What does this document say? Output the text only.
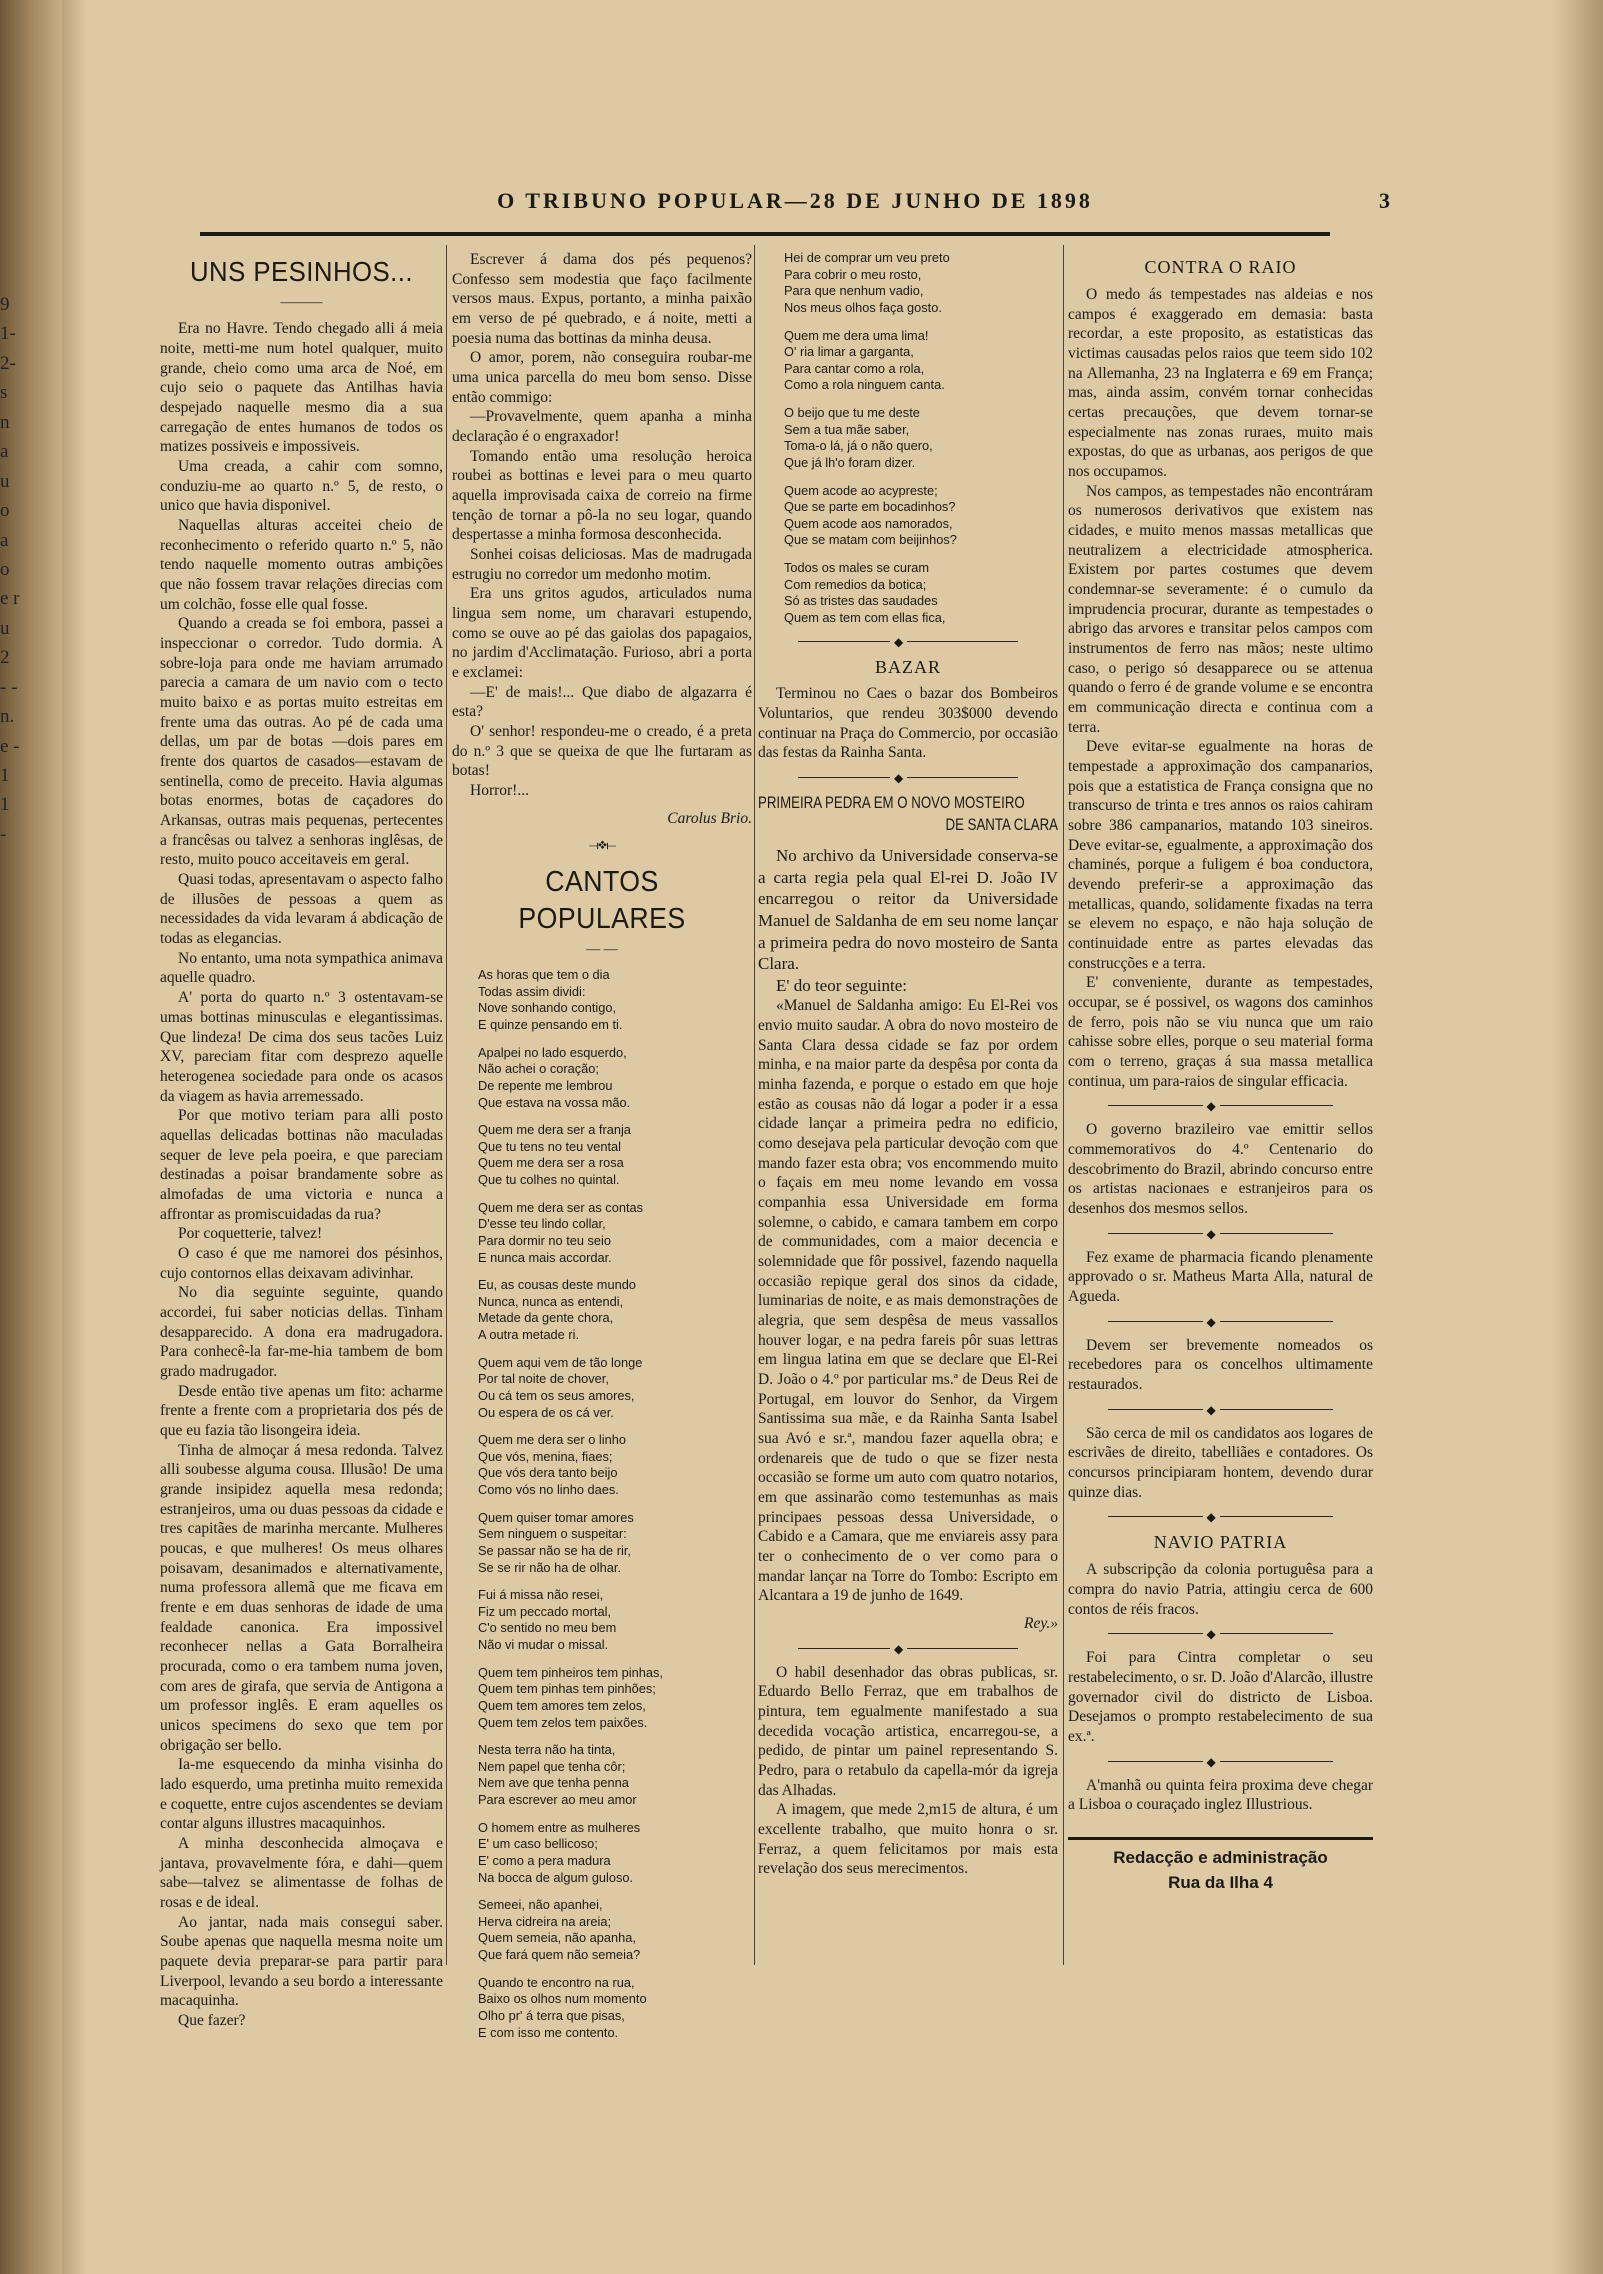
9 1- 2- s n a u o a o e r u 2 - - n. e - 1 1 -
O TRIBUNO POPULAR—28 DE JUNHO DE 1898	3
UNS PESINHOS...
———

Era no Havre. Tendo chegado alli á meia noite, metti-me num hotel qualquer, muito grande, cheio como uma arca de Noé, em cujo seio o paquete das Antilhas havia despejado naquelle mesmo dia a sua carregação de entes humanos de todos os matizes possiveis e impossiveis.

Uma creada, a cahir com somno, conduziu-me ao quarto n.º 5, de resto, o unico que havia disponivel.

Naquellas alturas acceitei cheio de reconhecimento o referido quarto n.º 5, não tendo naquelle momento outras ambições que não fossem travar relações direcias com um colchão, fosse elle qual fosse.

Quando a creada se foi embora, passei a inspeccionar o corredor. Tudo dormia. A sobre-loja para onde me haviam arrumado parecia a camara de um navio com o tecto muito baixo e as portas muito estreitas em frente uma das outras. Ao pé de cada uma dellas, um par de botas —dois pares em frente dos quartos de casados—estavam de sentinella, como de preceito. Havia algumas botas enormes, botas de caçadores do Arkansas, outras mais pequenas, pertecentes a francêsas ou talvez a senhoras inglêsas, de resto, muito pouco acceitaveis em geral.

Quasi todas, apresentavam o aspecto falho de illusões de pessoas a quem as necessidades da vida levaram á abdicação de todas as elegancias.

No entanto, uma nota sympathica animava aquelle quadro.

A' porta do quarto n.º 3 ostentavam-se umas bottinas minusculas e elegantissimas. Que lindeza! De cima dos seus tacões Luiz XV, pareciam fitar com desprezo aquelle heterogenea sociedade para onde os acasos da viagem as havia arremessado.

Por que motivo teriam para alli posto aquellas delicadas bottinas não maculadas sequer de leve pela poeira, e que pareciam destinadas a poisar brandamente sobre as almofadas de uma victoria e nunca a affrontar as promiscuidadas da rua?

Por coquetterie, talvez!

O caso é que me namorei dos pésinhos, cujo contornos ellas deixavam adivinhar.

No dia seguinte seguinte, quando accordei, fui saber noticias dellas. Tinham desapparecido. A dona era madrugadora. Para conhecê-la far-me-hia tambem de bom grado madrugador.

Desde então tive apenas um fito: acharme frente a frente com a proprietaria dos pés de que eu fazia tão lisongeira ideia.

Tinha de almoçar á mesa redonda. Talvez alli soubesse alguma cousa. Illusão! De uma grande insipidez aquella mesa redonda; estranjeiros, uma ou duas pessoas da cidade e tres capitães de marinha mercante. Mulheres poucas, e que mulheres! Os meus olhares poisavam, desanimados e alternativamente, numa professora allemã que me ficava em frente e em duas senhoras de idade de uma fealdade canonica. Era impossivel reconhecer nellas a Gata Borralheira procurada, como o era tambem numa joven, com ares de girafa, que servia de Antigona a um professor inglês. E eram aquelles os unicos specimens do sexo que tem por obrigação ser bello.

Ia-me esquecendo da minha visinha do lado esquerdo, uma pretinha muito remexida e coquette, entre cujos ascendentes se deviam contar alguns illustres macaquinhos.

A minha desconhecida almoçava e jantava, provavelmente fóra, e dahi—quem sabe—talvez se alimentasse de folhas de rosas e de ideal.

Ao jantar, nada mais consegui saber. Soube apenas que naquella mesma noite um paquete devia preparar-se para partir para Liverpool, levando a seu bordo a interessante macaquinha.

Que fazer?

Escrever á dama dos pés pequenos? Confesso sem modestia que faço facilmente versos maus. Expus, portanto, a minha paixão em verso de pé quebrado, e á noite, metti a poesia numa das bottinas da minha deusa.

O amor, porem, não conseguira roubar-me uma unica parcella do meu bom senso. Disse então commigo:

—Provavelmente, quem apanha a minha declaração é o engraxador!

Tomando então uma resolução heroica roubei as bottinas e levei para o meu quarto aquella improvisada caixa de correio na firme tenção de tornar a pô-la no seu logar, quando despertasse a minha formosa desconhecida.

Sonhei coisas deliciosas. Mas de madrugada estrugiu no corredor um medonho motim.

Era uns gritos agudos, articulados numa lingua sem nome, um charavari estupendo, como se ouve ao pé das gaiolas dos papagaios, no jardim d'Acclimatação. Furioso, abri a porta e exclamei:

—E' de mais!... Que diabo de algazarra é esta?

O' senhor! respondeu-me o creado, é a preta do n.º 3 que se queixa de que lhe furtaram as botas!

Horror!...

Carolus Brio.
⟞❖⟝
CANTOS POPULARES
— —
As horas que tem o dia
Todas assim dividi:
Nove sonhando contigo,
E quinze pensando em ti.
Apalpei no lado esquerdo,
Não achei o coração;
De repente me lembrou
Que estava na vossa mão.
Quem me dera ser a franja
Que tu tens no teu vental
Quem me dera ser a rosa
Que tu colhes no quintal.
Quem me dera ser as contas
D'esse teu lindo collar,
Para dormir no teu seio
E nunca mais accordar.
Eu, as cousas deste mundo
Nunca, nunca as entendi,
Metade da gente chora,
A outra metade ri.
Quem aqui vem de tão longe
Por tal noite de chover,
Ou cá tem os seus amores,
Ou espera de os cá ver.
Quem me dera ser o linho
Que vós, menina, fiaes;
Que vós dera tanto beijo
Como vós no linho daes.
Quem quiser tomar amores
Sem ninguem o suspeitar:
Se passar não se ha de rir,
Se se rir não ha de olhar.
Fui á missa não resei,
Fiz um peccado mortal,
C'o sentido no meu bem
Não vi mudar o missal.
Quem tem pinheiros tem pinhas,
Quem tem pinhas tem pinhões;
Quem tem amores tem zelos,
Quem tem zelos tem paixões.
Nesta terra não ha tinta,
Nem papel que tenha côr;
Nem ave que tenha penna
Para escrever ao meu amor
O homem entre as mulheres
E' um caso bellicoso;
E' como a pera madura
Na bocca de algum guloso.
Semeei, não apanhei,
Herva cidreira na areia;
Quem semeia, não apanha,
Que fará quem não semeia?
Quando te encontro na rua,
Baixo os olhos num momento
Olho pr' á terra que pisas,
E com isso me contento.
Hei de comprar um veu preto
Para cobrir o meu rosto,
Para que nenhum vadio,
Nos meus olhos faça gosto.
Quem me dera uma lima!
O' ria limar a garganta,
Para cantar como a rola,
Como a rola ninguem canta.
O beijo que tu me deste
Sem a tua mãe saber,
Toma-o lá, já o não quero,
Que já lh'o foram dizer.
Quem acode ao acypreste;
Que se parte em bocadinhos?
Quem acode aos namorados,
Que se matam com beijinhos?
Todos os males se curam
Com remedios da botica;
Só as tristes das saudades
Quem as tem com ellas fica,
◆
BAZAR

Terminou no Caes o bazar dos Bombeiros Voluntarios, que rendeu 303$000 devendo continuar na Praça do Commercio, por occasião das festas da Rainha Santa.

◆
PRIMEIRA PEDRA EM O NOVO MOSTEIRO
DE SANTA CLARA

No archivo da Universidade conserva-se a carta regia pela qual El-rei D. João IV encarregou o reitor da Universidade Manuel de Saldanha de em seu nome lançar a primeira pedra do novo mosteiro de Santa Clara.

E' do teor seguinte:

«Manuel de Saldanha amigo: Eu El-Rei vos envio muito saudar. A obra do novo mosteiro de Santa Clara dessa cidade se faz por ordem minha, e na maior parte da despêsa por conta da minha fazenda, e porque o estado em que hoje estão as cousas não dá logar a poder ir a essa cidade lançar a primeira pedra no edificio, como desejava pela particular devoção com que mando fazer esta obra; vos encommendo muito o façais em meu nome levando em vossa companhia essa Universidade em forma solemne, o cabido, e camara tambem em corpo de communidades, com a maior decencia e solemnidade que fôr possivel, fazendo naquella occasião repique geral dos sinos da cidade, luminarias de noite, e as mais demonstrações de alegria, que sem despêsa de meus vassallos houver logar, e na pedra fareis pôr suas lettras em lingua latina em que se declare que El-Rei D. João o 4.º por particular ms.ª de Deus Rei de Portugal, em louvor do Senhor, da Virgem Santissima sua mãe, e da Rainha Santa Isabel sua Avó e sr.ª, mandou fazer aquella obra; e ordenareis que de tudo o que se fizer nesta occasião se forme um auto com quatro notarios, em que assinarão como testemunhas as mais principaes pessoas dessa Universidade, o Cabido e a Camara, que me enviareis assy para ter o conhecimento de o ver como para o mandar lançar na Torre do Tombo: Escripto em Alcantara a 19 de junho de 1649.

Rey.»
◆

O habil desenhador das obras publicas, sr. Eduardo Bello Ferraz, que em trabalhos de pintura, tem egualmente manifestado a sua decedida vocação artistica, encarregou-se, a pedido, de pintar um painel representando S. Pedro, para o retabulo da capella-mór da igreja das Alhadas.

A imagem, que mede 2,m15 de altura, é um excellente trabalho, que muito honra o sr. Ferraz, a quem felicitamos por mais esta revelação dos seus merecimentos.

CONTRA O RAIO

O medo ás tempestades nas aldeias e nos campos é exaggerado em demasia: basta recordar, a este proposito, as estatisticas das victimas causadas pelos raios que teem sido 102 na Allemanha, 23 na Inglaterra e 69 em França; mas, ainda assim, convém tornar conhecidas certas precauções, que devem tornar-se especialmente nas zonas ruraes, muito mais expostas, do que as urbanas, aos perigos de que nos occupamos.

Nos campos, as tempestades não encontráram os numerosos derivativos que existem nas cidades, e muito menos massas metallicas que neutralizem a electricidade atmospherica. Existem por partes costumes que devem condemnar-se severamente: é o cumulo da imprudencia procurar, durante as tempestades o abrigo das arvores e transitar pelos campos com instrumentos de ferro nas mãos; neste ultimo caso, o perigo só desapparece ou se attenua quando o ferro é de grande volume e se encontra em communicação directa e continua com a terra.

Deve evitar-se egualmente na horas de tempestade a approximação dos campanarios, pois que a estatistica de França consigna que no transcurso de trinta e tres annos os raios cahiram sobre 386 campanarios, matando 103 sineiros. Deve evitar-se, egualmente, a approximação dos chaminés, porque a fuligem é boa conductora, devendo preferir-se a approximação das metallicas, quando, solidamente fixadas na terra se elevem no espaço, e não haja solução de continuidade entre as partes elevadas das construcções e a terra.

E' conveniente, durante as tempestades, occupar, se é possivel, os wagons dos caminhos de ferro, pois não se viu nunca que um raio cahisse sobre elles, porque o seu material forma com o terreno, graças á sua massa metallica continua, um para-raios de singular efficacia.

◆

O governo brazileiro vae emittir sellos commemorativos do 4.º Centenario do descobrimento do Brazil, abrindo concurso entre os artistas nacionaes e estranjeiros para os desenhos dos mesmos sellos.

◆

Fez exame de pharmacia ficando plenamente approvado o sr. Matheus Marta Alla, natural de Agueda.

◆

Devem ser brevemente nomeados os recebedores para os concelhos ultimamente restaurados.

◆

São cerca de mil os candidatos aos logares de escrivães de direito, tabelliães e contadores. Os concursos principiaram hontem, devendo durar quinze dias.

◆
NAVIO PATRIA

A subscripção da colonia portuguêsa para a compra do navio Patria, attingiu cerca de 600 contos de réis fracos.

◆

Foi para Cintra completar o seu restabelecimento, o sr. D. João d'Alarcão, illustre governador civil do districto de Lisboa. Desejamos o prompto restabelecimento de sua ex.ª.

◆

A'manhã ou quinta feira proxima deve chegar a Lisboa o couraçado inglez Illustrious.

Redacção e administração
Rua da Ilha 4
